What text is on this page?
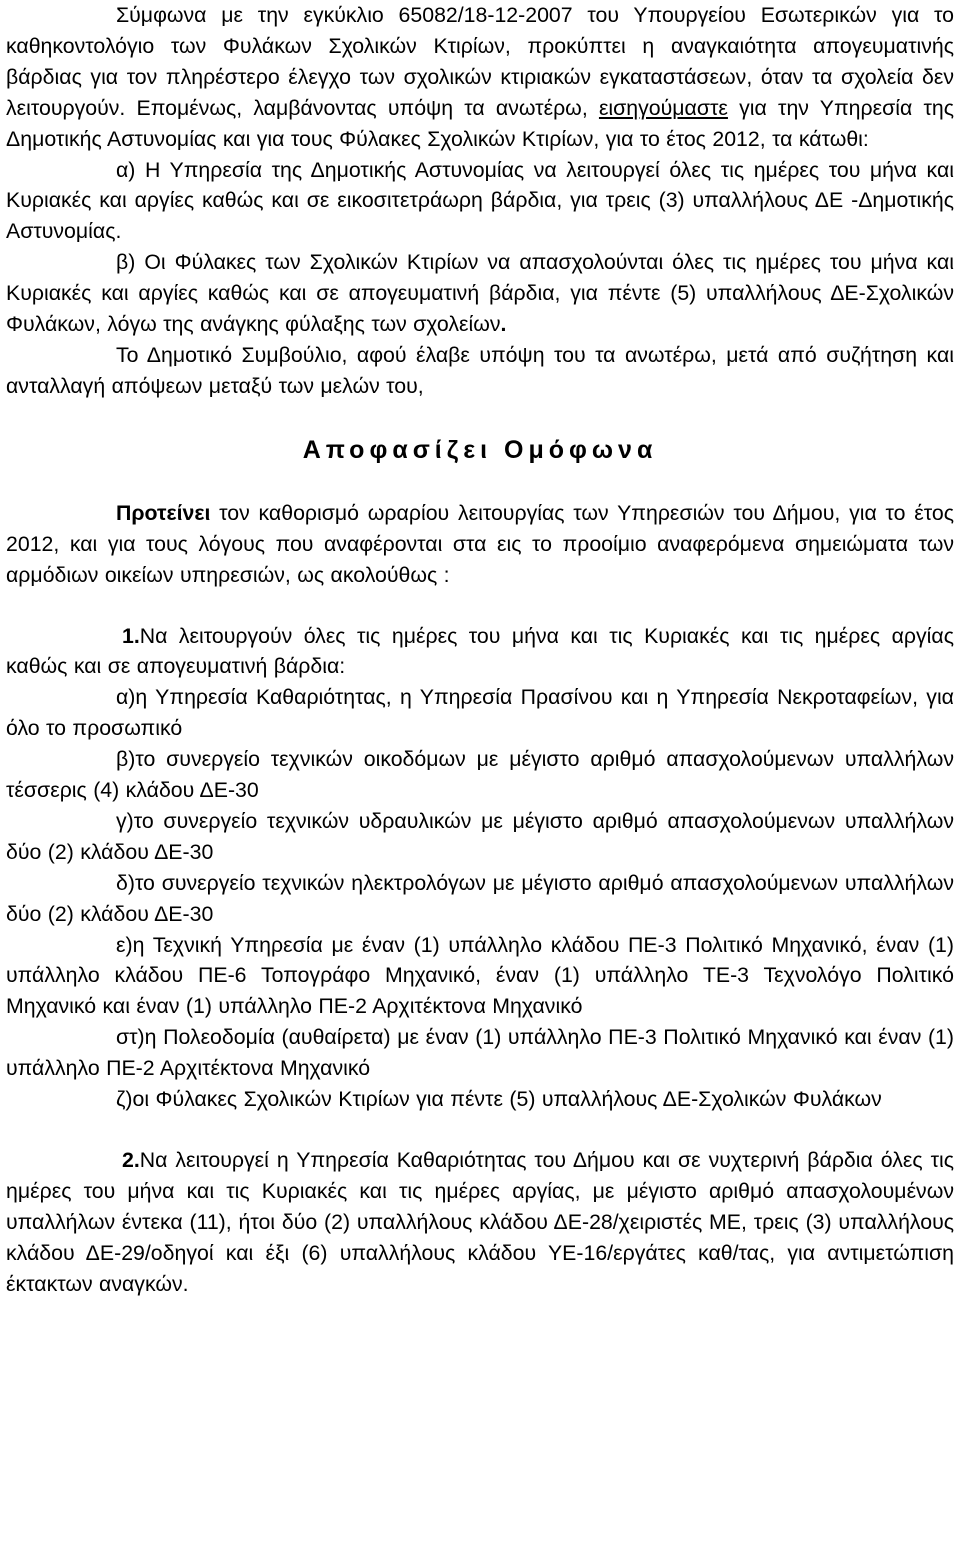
Σύμφωνα με την εγκύκλιο 65082/18-12-2007 του Υπουργείου Εσωτερικών για το καθηκοντολόγιο των Φυλάκων Σχολικών Κτιρίων, προκύπτει η αναγκαιότητα απογευματινής βάρδιας για τον πληρέστερο έλεγχο των σχολικών κτιριακών εγκαταστάσεων, όταν τα σχολεία δεν λειτουργούν. Επομένως, λαμβάνοντας υπόψη τα ανωτέρω, εισηγούμαστε για την Υπηρεσία της Δημοτικής Αστυνομίας και για τους Φύλακες Σχολικών Κτιρίων, για το έτος 2012, τα κάτωθι:

α) Η Υπηρεσία της Δημοτικής Αστυνομίας να λειτουργεί όλες τις ημέρες του μήνα και Κυριακές και αργίες καθώς και σε εικοσιτετράωρη βάρδια, για τρεις (3) υπαλλήλους ΔΕ -Δημοτικής Αστυνομίας.

β) Οι Φύλακες των Σχολικών Κτιρίων να απασχολούνται όλες τις ημέρες του μήνα και Κυριακές και αργίες καθώς και σε απογευματινή βάρδια, για πέντε (5) υπαλλήλους ΔΕ-Σχολικών Φυλάκων, λόγω της ανάγκης φύλαξης των σχολείων.

Το Δημοτικό Συμβούλιο, αφού έλαβε υπόψη του τα ανωτέρω, μετά από συζήτηση και ανταλλαγή απόψεων μεταξύ των μελών του,

Αποφασίζει Ομόφωνα

Προτείνει τον καθορισμό ωραρίου λειτουργίας των Υπηρεσιών του Δήμου, για το έτος 2012, και για τους λόγους που αναφέρονται στα εις το προοίμιο αναφερόμενα σημειώματα των αρμόδιων οικείων υπηρεσιών, ως ακολούθως :

1.Να λειτουργούν όλες τις ημέρες του μήνα και τις Κυριακές και τις ημέρες αργίας καθώς και σε απογευματινή βάρδια:

α)η Υπηρεσία Καθαριότητας, η Υπηρεσία Πρασίνου και η Υπηρεσία Νεκροταφείων, για όλο το προσωπικό

β)το συνεργείο τεχνικών οικοδόμων με μέγιστο αριθμό απασχολούμενων υπαλλήλων τέσσερις (4) κλάδου ΔΕ-30

γ)το συνεργείο τεχνικών υδραυλικών με μέγιστο αριθμό απασχολούμενων υπαλλήλων δύο (2) κλάδου ΔΕ-30

δ)το συνεργείο τεχνικών ηλεκτρολόγων με μέγιστο αριθμό απασχολούμενων υπαλλήλων δύο (2) κλάδου ΔΕ-30

ε)η Τεχνική Υπηρεσία με έναν (1) υπάλληλο κλάδου ΠΕ-3 Πολιτικό Μηχανικό, έναν (1) υπάλληλο κλάδου ΠΕ-6 Τοπογράφο Μηχανικό, έναν (1) υπάλληλο ΤΕ-3 Τεχνολόγο Πολιτικό Μηχανικό και έναν (1) υπάλληλο ΠΕ-2 Αρχιτέκτονα Μηχανικό

στ)η Πολεοδομία (αυθαίρετα) με έναν (1) υπάλληλο ΠΕ-3 Πολιτικό Μηχανικό και έναν (1) υπάλληλο ΠΕ-2 Αρχιτέκτονα Μηχανικό

ζ)οι Φύλακες Σχολικών Κτιρίων για πέντε (5) υπαλλήλους ΔΕ-Σχολικών Φυλάκων

2.Να λειτουργεί η Υπηρεσία Καθαριότητας του Δήμου και σε νυχτερινή βάρδια όλες τις ημέρες του μήνα και τις Κυριακές και τις ημέρες αργίας, με μέγιστο αριθμό απασχολουμένων υπαλλήλων έντεκα (11), ήτοι δύο (2) υπαλλήλους κλάδου ΔΕ-28/χειριστές ΜΕ, τρεις (3) υπαλλήλους κλάδου ΔΕ-29/οδηγοί και έξι (6) υπαλλήλους κλάδου ΥΕ-16/εργάτες καθ/τας, για αντιμετώπιση έκτακτων αναγκών.
